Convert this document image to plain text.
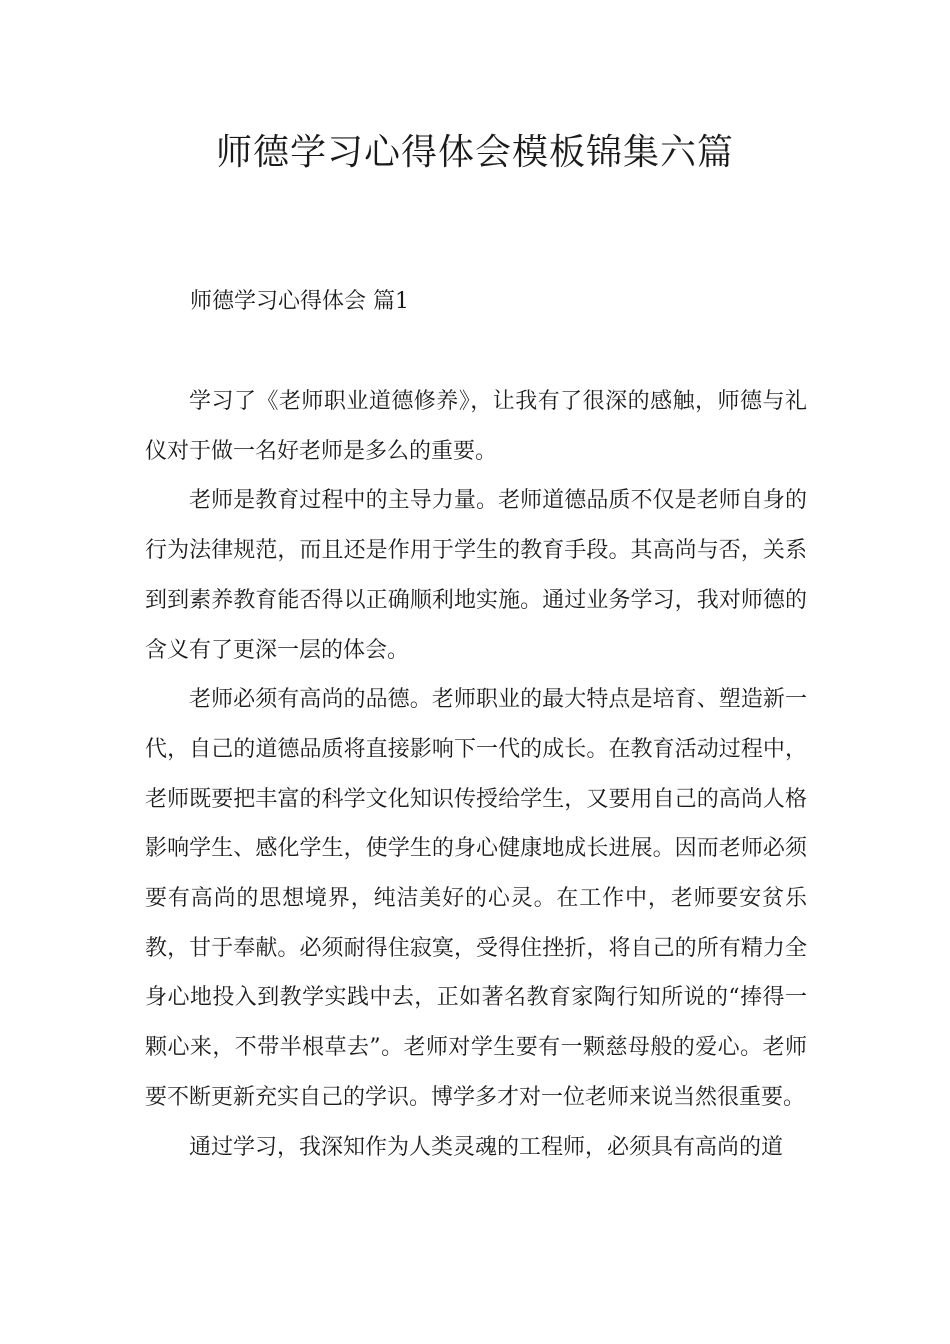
师德学习心得体会模板锦集六篇
师德学习心得体会 篇1

学习了《老师职业道德修养》，让我有了很深的感触，师德与礼仪对于做一名好老师是多么的重要。

老师是教育过程中的主导力量。老师道德品质不仅是老师自身的行为法律规范，而且还是作用于学生的教育手段。其高尚与否，关系到到素养教育能否得以正确顺利地实施。通过业务学习，我对师德的含义有了更深一层的体会。

老师必须有高尚的品德。老师职业的最大特点是培育、塑造新一代，自己的道德品质将直接影响下一代的成长。在教育活动过程中，老师既要把丰富的科学文化知识传授给学生，又要用自己的高尚人格影响学生、感化学生，使学生的身心健康地成长进展。因而老师必须要有高尚的思想境界，纯洁美好的心灵。在工作中，老师要安贫乐教，甘于奉献。必须耐得住寂寞，受得住挫折，将自己的所有精力全身心地投入到教学实践中去，正如著名教育家陶行知所说的“捧得一颗心来，不带半根草去”。老师对学生要有一颗慈母般的爱心。老师要不断更新充实自己的学识。博学多才对一位老师来说当然很重要。

通过学习，我深知作为人类灵魂的工程师，必须具有高尚的道
